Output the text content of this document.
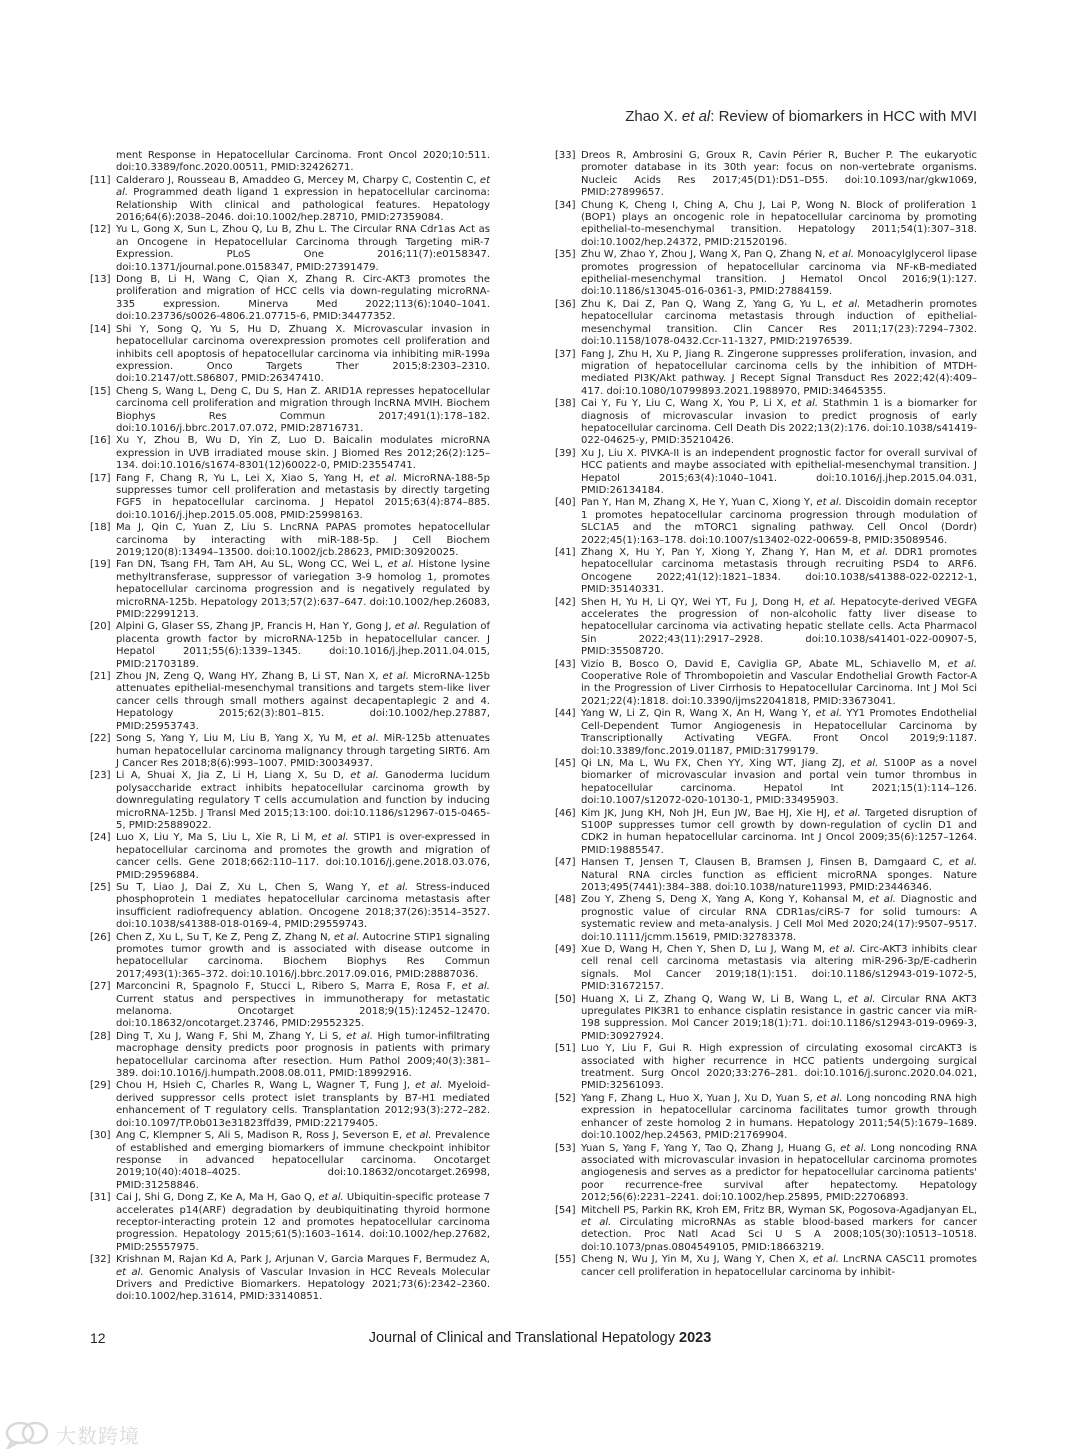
Zhao X. et al: Review of biomarkers in HCC with MVI
ment Response in Hepatocellular Carcinoma. Front Oncol 2020;10:511. doi:10.3389/fonc.2020.00511, PMID:32426271.
[11] Calderaro J, Rousseau B, Amaddeo G, Mercey M, Charpy C, Costentin C, et al. Programmed death ligand 1 expression in hepatocellular carcinoma: Relationship With clinical and pathological features. Hepatology 2016;64(6):2038–2046. doi:10.1002/hep.28710, PMID:27359084.
[12] Yu L, Gong X, Sun L, Zhou Q, Lu B, Zhu L. The Circular RNA Cdr1as Act as an Oncogene in Hepatocellular Carcinoma through Targeting miR-7 Expression. PLoS One 2016;11(7):e0158347. doi:10.1371/journal.pone.0158347, PMID:27391479.
[13] Dong B, Li H, Wang C, Qian X, Zhang R. Circ-AKT3 promotes the proliferation and migration of HCC cells via down-regulating microRNA-335 expression. Minerva Med 2022;113(6):1040–1041. doi:10.23736/s0026-4806.21.07715-6, PMID:34477352.
[14] Shi Y, Song Q, Yu S, Hu D, Zhuang X. Microvascular invasion in hepatocellular carcinoma overexpression promotes cell proliferation and inhibits cell apoptosis of hepatocellular carcinoma via inhibiting miR-199a expression. Onco Targets Ther 2015;8:2303–2310. doi:10.2147/ott.S86807, PMID:26347410.
[15] Cheng S, Wang L, Deng C, Du S, Han Z. ARID1A represses hepatocellular carcinoma cell proliferation and migration through lncRNA MVIH. Biochem Biophys Res Commun 2017;491(1):178–182. doi:10.1016/j.bbrc.2017.07.072, PMID:28716731.
[16] Xu Y, Zhou B, Wu D, Yin Z, Luo D. Baicalin modulates microRNA expression in UVB irradiated mouse skin. J Biomed Res 2012;26(2):125–134. doi:10.1016/s1674-8301(12)60022-0, PMID:23554741.
[17] Fang F, Chang R, Yu L, Lei X, Xiao S, Yang H, et al. MicroRNA-188-5p suppresses tumor cell proliferation and metastasis by directly targeting FGF5 in hepatocellular carcinoma. J Hepatol 2015;63(4):874–885. doi:10.1016/j.jhep.2015.05.008, PMID:25998163.
[18] Ma J, Qin C, Yuan Z, Liu S. LncRNA PAPAS promotes hepatocellular carcinoma by interacting with miR-188-5p. J Cell Biochem 2019;120(8):13494–13500. doi:10.1002/jcb.28623, PMID:30920025.
[19] Fan DN, Tsang FH, Tam AH, Au SL, Wong CC, Wei L, et al. Histone lysine methyltransferase, suppressor of variegation 3-9 homolog 1, promotes hepatocellular carcinoma progression and is negatively regulated by microRNA-125b. Hepatology 2013;57(2):637–647. doi:10.1002/hep.26083, PMID:22991213.
[20] Alpini G, Glaser SS, Zhang JP, Francis H, Han Y, Gong J, et al. Regulation of placenta growth factor by microRNA-125b in hepatocellular cancer. J Hepatol 2011;55(6):1339–1345. doi:10.1016/j.jhep.2011.04.015, PMID:21703189.
[21] Zhou JN, Zeng Q, Wang HY, Zhang B, Li ST, Nan X, et al. MicroRNA-125b attenuates epithelial-mesenchymal transitions and targets stem-like liver cancer cells through small mothers against decapentaplegic 2 and 4. Hepatology 2015;62(3):801–815. doi:10.1002/hep.27887, PMID:25953743.
[22] Song S, Yang Y, Liu M, Liu B, Yang X, Yu M, et al. MiR-125b attenuates human hepatocellular carcinoma malignancy through targeting SIRT6. Am J Cancer Res 2018;8(6):993–1007. PMID:30034937.
[23] Li A, Shuai X, Jia Z, Li H, Liang X, Su D, et al. Ganoderma lucidum polysaccharide extract inhibits hepatocellular carcinoma growth by downregulating regulatory T cells accumulation and function by inducing microRNA-125b. J Transl Med 2015;13:100. doi:10.1186/s12967-015-0465-5, PMID:25889022.
[24] Luo X, Liu Y, Ma S, Liu L, Xie R, Li M, et al. STIP1 is over-expressed in hepatocellular carcinoma and promotes the growth and migration of cancer cells. Gene 2018;662:110–117. doi:10.1016/j.gene.2018.03.076, PMID:29596884.
[25] Su T, Liao J, Dai Z, Xu L, Chen S, Wang Y, et al. Stress-induced phosphoprotein 1 mediates hepatocellular carcinoma metastasis after insufficient radiofrequency ablation. Oncogene 2018;37(26):3514–3527. doi:10.1038/s41388-018-0169-4, PMID:29559743.
[26] Chen Z, Xu L, Su T, Ke Z, Peng Z, Zhang N, et al. Autocrine STIP1 signaling promotes tumor growth and is associated with disease outcome in hepatocellular carcinoma. Biochem Biophys Res Commun 2017;493(1):365–372. doi:10.1016/j.bbrc.2017.09.016, PMID:28887036.
[27] Marconcini R, Spagnolo F, Stucci L, Ribero S, Marra E, Rosa F, et al. Current status and perspectives in immunotherapy for metastatic melanoma. Oncotarget 2018;9(15):12452–12470. doi:10.18632/oncotarget.23746, PMID:29552325.
[28] Ding T, Xu J, Wang F, Shi M, Zhang Y, Li S, et al. High tumor-infiltrating macrophage density predicts poor prognosis in patients with primary hepatocellular carcinoma after resection. Hum Pathol 2009;40(3):381–389. doi:10.1016/j.humpath.2008.08.011, PMID:18992916.
[29] Chou H, Hsieh C, Charles R, Wang L, Wagner T, Fung J, et al. Myeloid-derived suppressor cells protect islet transplants by B7-H1 mediated enhancement of T regulatory cells. Transplantation 2012;93(3):272–282. doi:10.1097/TP.0b013e31823ffd39, PMID:22179405.
[30] Ang C, Klempner S, Ali S, Madison R, Ross J, Severson E, et al. Prevalence of established and emerging biomarkers of immune checkpoint inhibitor response in advanced hepatocellular carcinoma. Oncotarget 2019;10(40):4018–4025. doi:10.18632/oncotarget.26998, PMID:31258846.
[31] Cai J, Shi G, Dong Z, Ke A, Ma H, Gao Q, et al. Ubiquitin-specific protease 7 accelerates p14(ARF) degradation by deubiquitinating thyroid hormone receptor-interacting protein 12 and promotes hepatocellular carcinoma progression. Hepatology 2015;61(5):1603–1614. doi:10.1002/hep.27682, PMID:25557975.
[32] Krishnan M, Rajan Kd A, Park J, Arjunan V, Garcia Marques F, Bermudez A, et al. Genomic Analysis of Vascular Invasion in HCC Reveals Molecular Drivers and Predictive Biomarkers. Hepatology 2021;73(6):2342–2360. doi:10.1002/hep.31614, PMID:33140851.
[33] Dreos R, Ambrosini G, Groux R, Cavin Périer R, Bucher P. The eukaryotic promoter database in its 30th year: focus on non-vertebrate organisms. Nucleic Acids Res 2017;45(D1):D51–D55. doi:10.1093/nar/gkw1069, PMID:27899657.
[34] Chung K, Cheng I, Ching A, Chu J, Lai P, Wong N. Block of proliferation 1 (BOP1) plays an oncogenic role in hepatocellular carcinoma by promoting epithelial-to-mesenchymal transition. Hepatology 2011;54(1):307–318. doi:10.1002/hep.24372, PMID:21520196.
[35] Zhu W, Zhao Y, Zhou J, Wang X, Pan Q, Zhang N, et al. Monoacylglycerol lipase promotes progression of hepatocellular carcinoma via NF-κB-mediated epithelial-mesenchymal transition. J Hematol Oncol 2016;9(1):127. doi:10.1186/s13045-016-0361-3, PMID:27884159.
[36] Zhu K, Dai Z, Pan Q, Wang Z, Yang G, Yu L, et al. Metadherin promotes hepatocellular carcinoma metastasis through induction of epithelial-mesenchymal transition. Clin Cancer Res 2011;17(23):7294–7302. doi:10.1158/1078-0432.Ccr-11-1327, PMID:21976539.
[37] Fang J, Zhu H, Xu P, Jiang R. Zingerone suppresses proliferation, invasion, and migration of hepatocellular carcinoma cells by the inhibition of MTDH-mediated PI3K/Akt pathway. J Recept Signal Transduct Res 2022;42(4):409–417. doi:10.1080/10799893.2021.1988970, PMID:34645355.
[38] Cai Y, Fu Y, Liu C, Wang X, You P, Li X, et al. Stathmin 1 is a biomarker for diagnosis of microvascular invasion to predict prognosis of early hepatocellular carcinoma. Cell Death Dis 2022;13(2):176. doi:10.1038/s41419-022-04625-y, PMID:35210426.
[39] Xu J, Liu X. PIVKA-II is an independent prognostic factor for overall survival of HCC patients and maybe associated with epithelial-mesenchymal transition. J Hepatol 2015;63(4):1040–1041. doi:10.1016/j.jhep.2015.04.031, PMID:26134184.
[40] Pan Y, Han M, Zhang X, He Y, Yuan C, Xiong Y, et al. Discoidin domain receptor 1 promotes hepatocellular carcinoma progression through modulation of SLC1A5 and the mTORC1 signaling pathway. Cell Oncol (Dordr) 2022;45(1):163–178. doi:10.1007/s13402-022-00659-8, PMID:35089546.
[41] Zhang X, Hu Y, Pan Y, Xiong Y, Zhang Y, Han M, et al. DDR1 promotes hepatocellular carcinoma metastasis through recruiting PSD4 to ARF6. Oncogene 2022;41(12):1821–1834. doi:10.1038/s41388-022-02212-1, PMID:35140331.
[42] Shen H, Yu H, Li QY, Wei YT, Fu J, Dong H, et al. Hepatocyte-derived VEGFA accelerates the progression of non-alcoholic fatty liver disease to hepatocellular carcinoma via activating hepatic stellate cells. Acta Pharmacol Sin 2022;43(11):2917–2928. doi:10.1038/s41401-022-00907-5, PMID:35508720.
[43] Vizio B, Bosco O, David E, Caviglia GP, Abate ML, Schiavello M, et al. Cooperative Role of Thrombopoietin and Vascular Endothelial Growth Factor-A in the Progression of Liver Cirrhosis to Hepatocellular Carcinoma. Int J Mol Sci 2021;22(4):1818. doi:10.3390/ijms22041818, PMID:33673041.
[44] Yang W, Li Z, Qin R, Wang X, An H, Wang Y, et al. YY1 Promotes Endothelial Cell-Dependent Tumor Angiogenesis in Hepatocellular Carcinoma by Transcriptionally Activating VEGFA. Front Oncol 2019;9:1187. doi:10.3389/fonc.2019.01187, PMID:31799179.
[45] Qi LN, Ma L, Wu FX, Chen YY, Xing WT, Jiang ZJ, et al. S100P as a novel biomarker of microvascular invasion and portal vein tumor thrombus in hepatocellular carcinoma. Hepatol Int 2021;15(1):114–126. doi:10.1007/s12072-020-10130-1, PMID:33495903.
[46] Kim JK, Jung KH, Noh JH, Eun JW, Bae HJ, Xie HJ, et al. Targeted disruption of S100P suppresses tumor cell growth by down-regulation of cyclin D1 and CDK2 in human hepatocellular carcinoma. Int J Oncol 2009;35(6):1257–1264. PMID:19885547.
[47] Hansen T, Jensen T, Clausen B, Bramsen J, Finsen B, Damgaard C, et al. Natural RNA circles function as efficient microRNA sponges. Nature 2013;495(7441):384–388. doi:10.1038/nature11993, PMID:23446346.
[48] Zou Y, Zheng S, Deng X, Yang A, Kong Y, Kohansal M, et al. Diagnostic and prognostic value of circular RNA CDR1as/ciRS-7 for solid tumours: A systematic review and meta-analysis. J Cell Mol Med 2020;24(17):9507–9517. doi:10.1111/jcmm.15619, PMID:32783378.
[49] Xue D, Wang H, Chen Y, Shen D, Lu J, Wang M, et al. Circ-AKT3 inhibits clear cell renal cell carcinoma metastasis via altering miR-296-3p/E-cadherin signals. Mol Cancer 2019;18(1):151. doi:10.1186/s12943-019-1072-5, PMID:31672157.
[50] Huang X, Li Z, Zhang Q, Wang W, Li B, Wang L, et al. Circular RNA AKT3 upregulates PIK3R1 to enhance cisplatin resistance in gastric cancer via miR-198 suppression. Mol Cancer 2019;18(1):71. doi:10.1186/s12943-019-0969-3, PMID:30927924.
[51] Luo Y, Liu F, Gui R. High expression of circulating exosomal circAKT3 is associated with higher recurrence in HCC patients undergoing surgical treatment. Surg Oncol 2020;33:276–281. doi:10.1016/j.suronc.2020.04.021, PMID:32561093.
[52] Yang F, Zhang L, Huo X, Yuan J, Xu D, Yuan S, et al. Long noncoding RNA high expression in hepatocellular carcinoma facilitates tumor growth through enhancer of zeste homolog 2 in humans. Hepatology 2011;54(5):1679–1689. doi:10.1002/hep.24563, PMID:21769904.
[53] Yuan S, Yang F, Yang Y, Tao Q, Zhang J, Huang G, et al. Long noncoding RNA associated with microvascular invasion in hepatocellular carcinoma promotes angiogenesis and serves as a predictor for hepatocellular carcinoma patients' poor recurrence-free survival after hepatectomy. Hepatology 2012;56(6):2231–2241. doi:10.1002/hep.25895, PMID:22706893.
[54] Mitchell PS, Parkin RK, Kroh EM, Fritz BR, Wyman SK, Pogosova-Agadjanyan EL, et al. Circulating microRNAs as stable blood-based markers for cancer detection. Proc Natl Acad Sci U S A 2008;105(30):10513–10518. doi:10.1073/pnas.0804549105, PMID:18663219.
[55] Cheng N, Wu J, Yin M, Xu J, Wang Y, Chen X, et al. LncRNA CASC11 promotes cancer cell proliferation in hepatocellular carcinoma by inhibit-
12	Journal of Clinical and Translational Hepatology 2023
大数跨境
